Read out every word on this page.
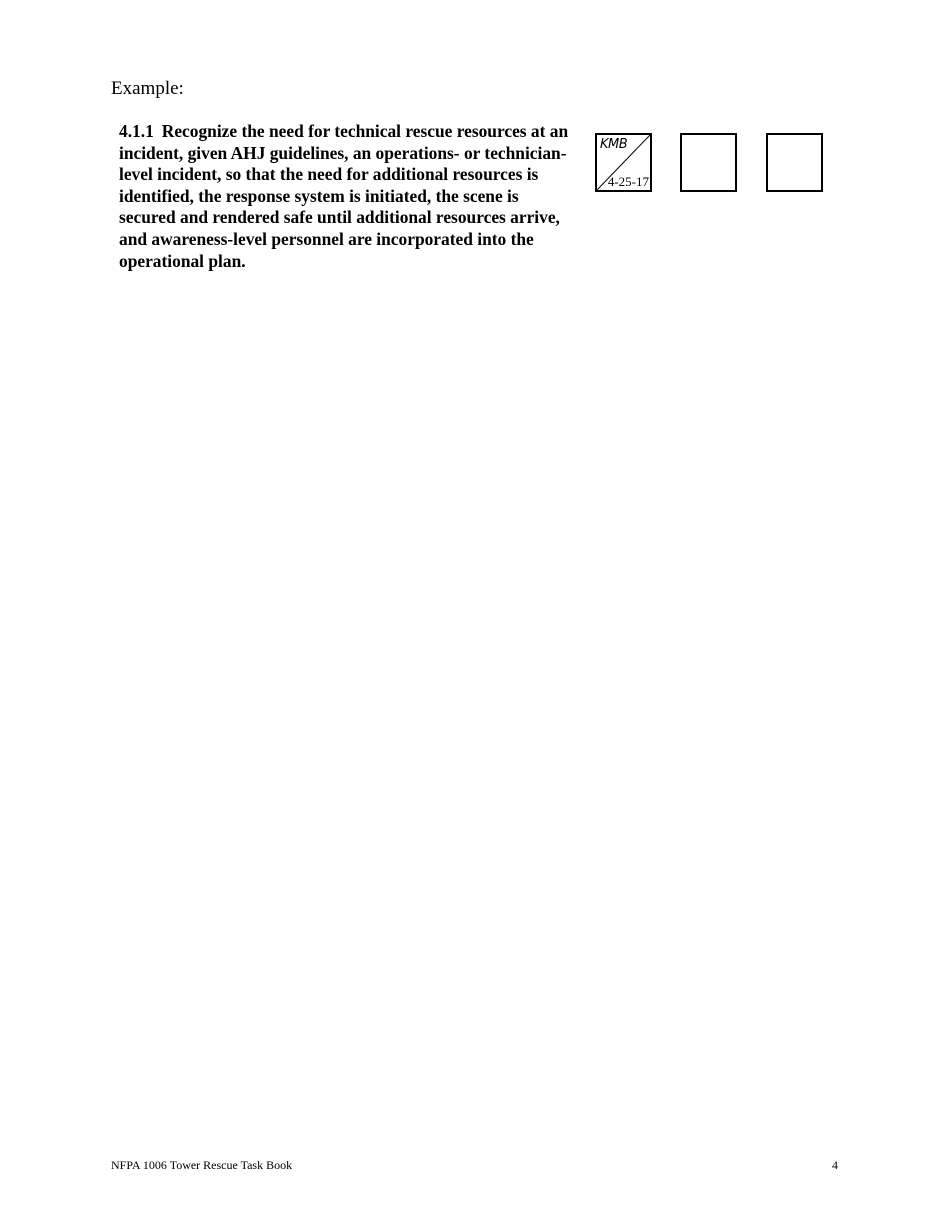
Example:
4.1.1 Recognize the need for technical rescue resources at an incident, given AHJ guidelines, an operations- or technician-level incident, so that the need for additional resources is identified, the response system is initiated, the scene is secured and rendered safe until additional resources arrive, and awareness-level personnel are incorporated into the operational plan.
KMB
4-25-17
NFPA 1006 Tower Rescue Task Book	4
